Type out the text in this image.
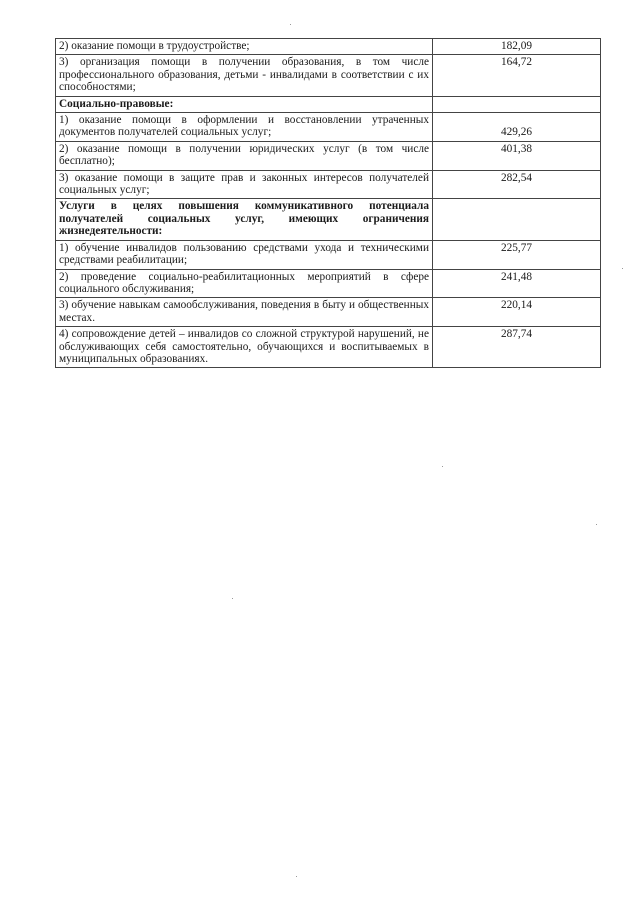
2) оказание помощи в трудоустройстве;	182,09
3) организация помощи в получении образования, в том числе профессионального образования, детьми - инвалидами в соответствии с их способностями;	164,72
Социально-правовые:	
1) оказание помощи в оформлении и восстановлении утраченных документов получателей социальных услуг;	429,26
2) оказание помощи в получении юридических услуг (в том числе бесплатно);	401,38
3) оказание помощи в защите прав и законных интересов получателей социальных услуг;	282,54
Услуги в целях повышения коммуникативного потенциала получателей социальных услуг, имеющих ограничения жизнедеятельности:	
1) обучение инвалидов пользованию средствами ухода и техническими средствами реабилитации;	225,77
2) проведение социально-реабилитационных мероприятий в сфере социального обслуживания;	241,48
3) обучение навыкам самообслуживания, поведения в быту и общественных местах.	220,14
4) сопровождение детей – инвалидов со сложной структурой нарушений, не обслуживающих себя самостоятельно, обучающихся и воспитываемых в муниципальных образованиях.	287,74
